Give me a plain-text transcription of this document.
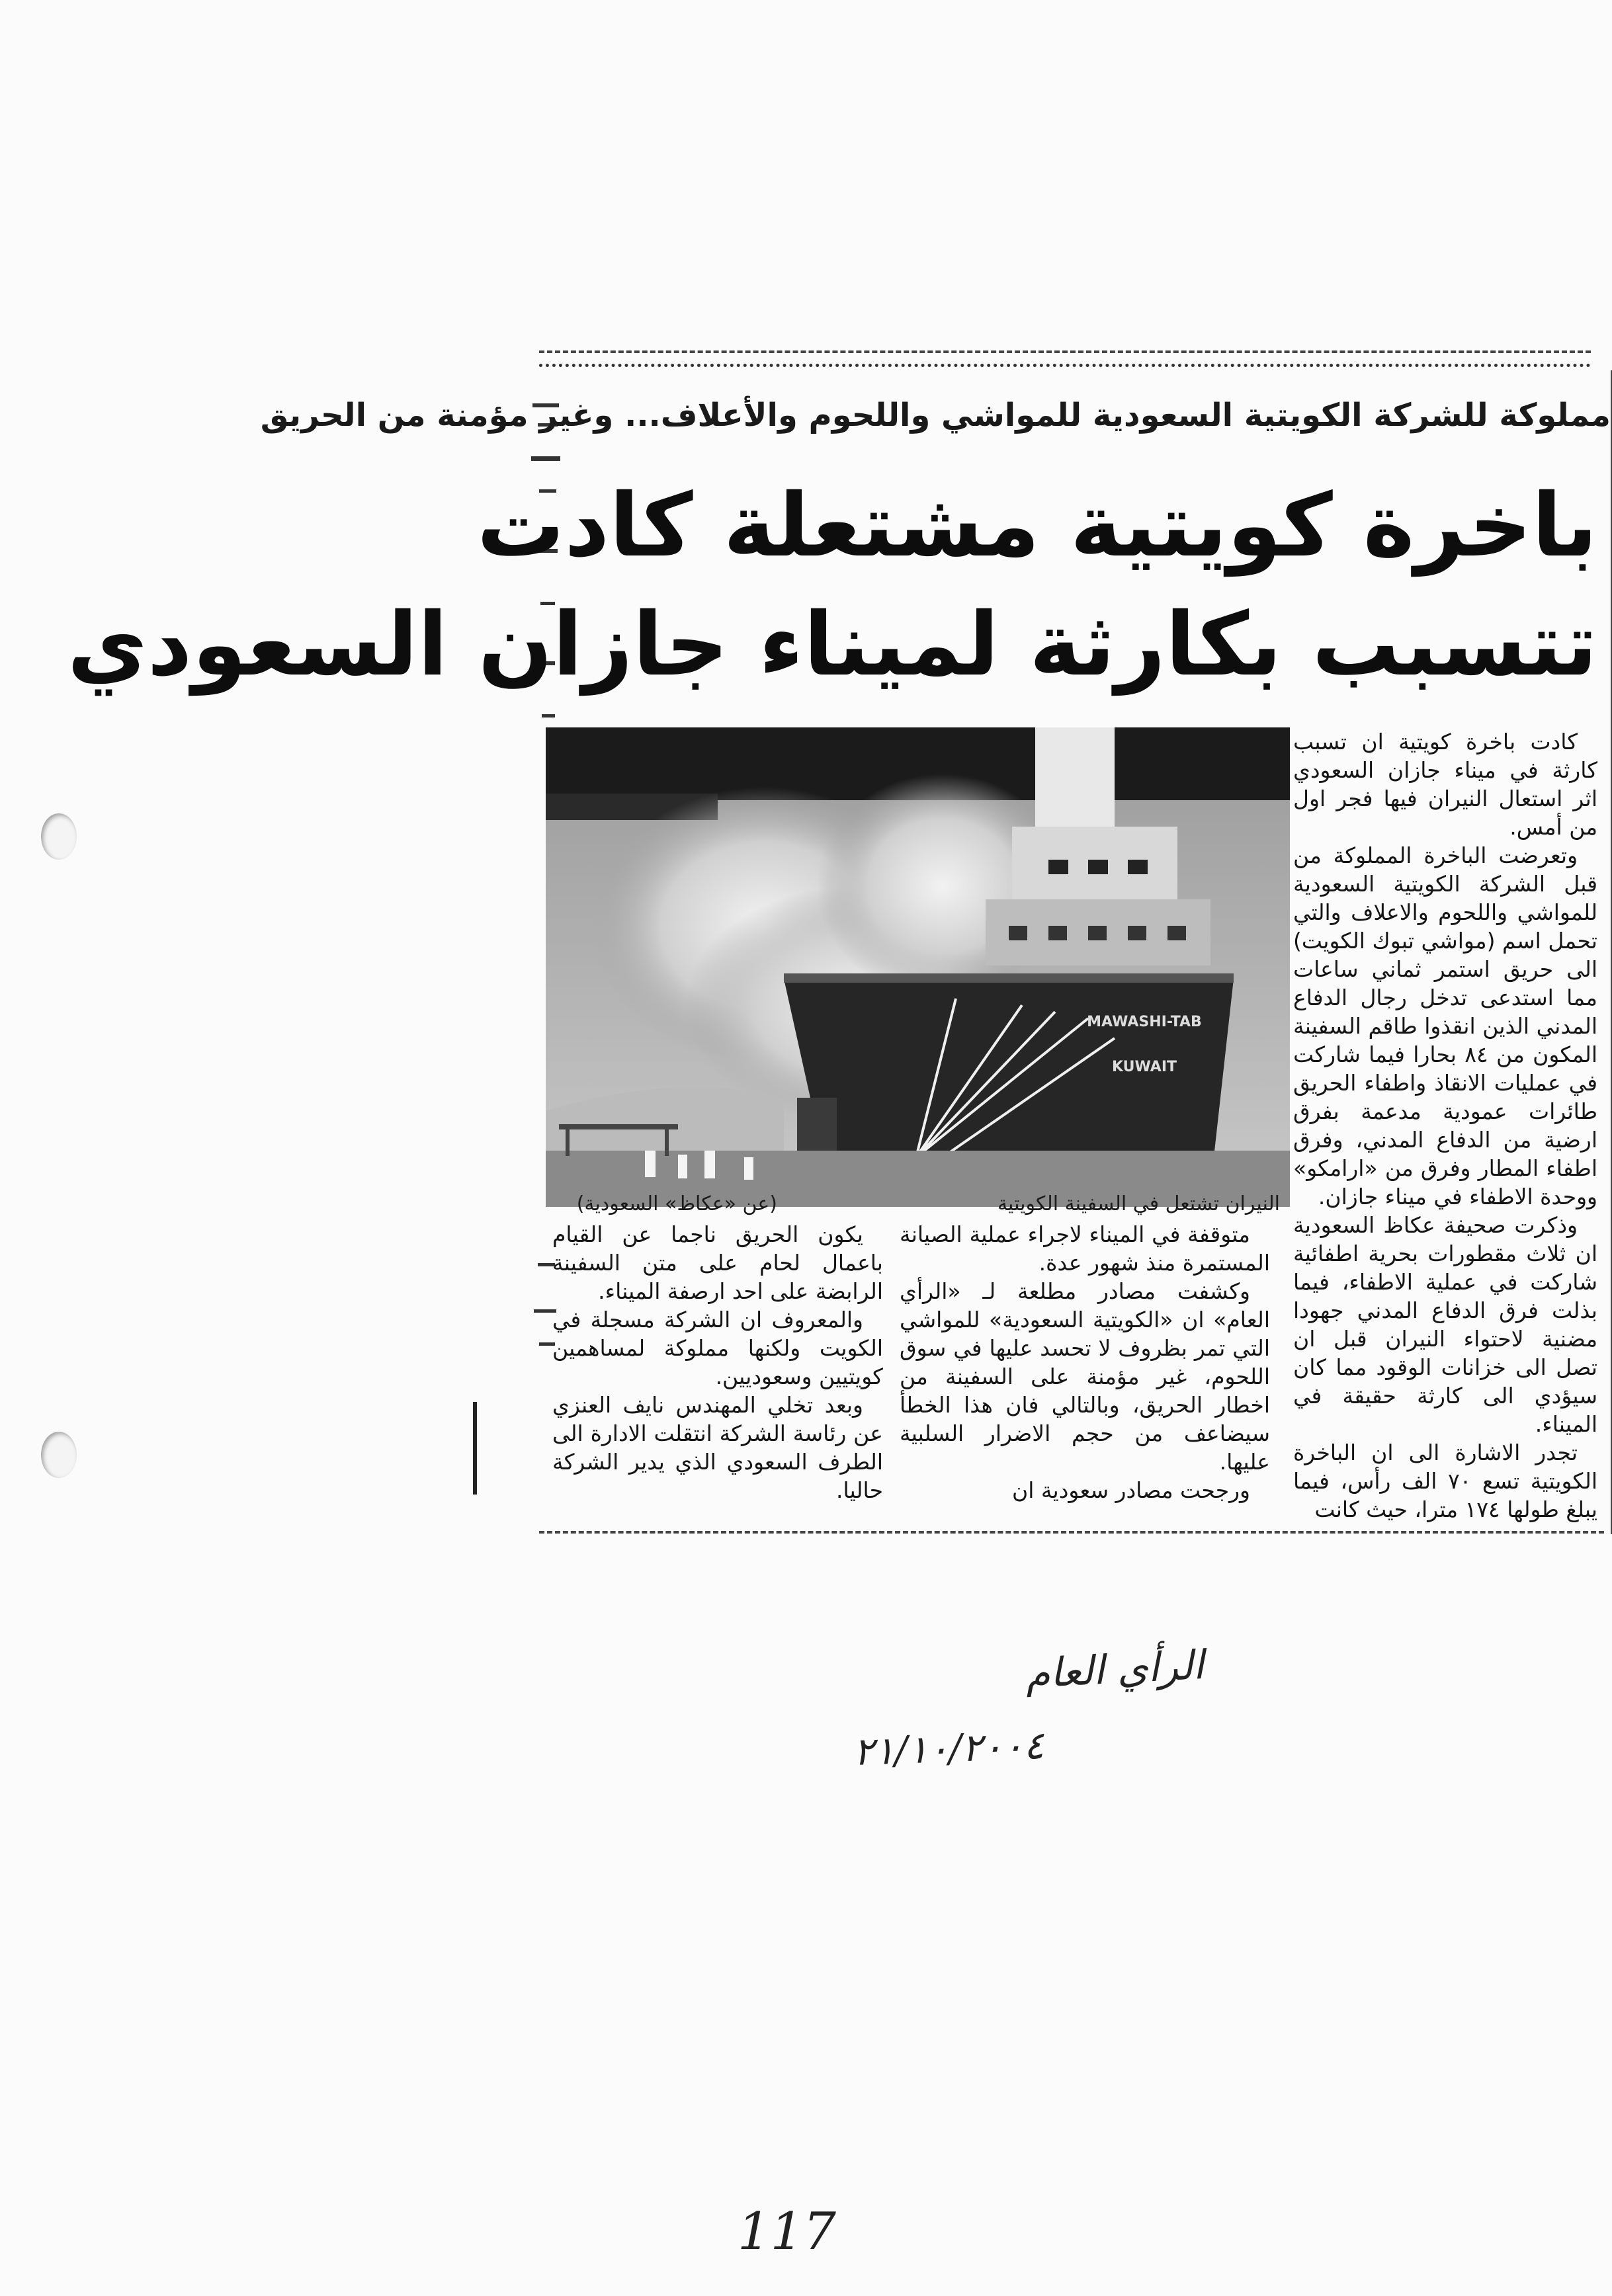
مملوكة للشركة الكويتية السعودية للمواشي واللحوم والأعلاف... وغير مؤمنة من الحريق
باخرة كويتية مشتعلة كادت
تتسبب بكارثة لميناء جازان السعودي
MAWASHI-TAB
KUWAIT
النيران تشتعل في السفينة الكويتية
(عن «عكاظ» السعودية)

كادت باخرة كويتية ان تسبب كارثة في ميناء جازان السعودي اثر استعال النيران فيها فجر اول من أمس.

وتعرضت الباخرة المملوكة من قبل الشركة الكويتية السعودية للمواشي واللحوم والاعلاف والتي تحمل اسم (مواشي تبوك الكويت) الى حريق استمر ثماني ساعات مما استدعى تدخل رجال الدفاع المدني الذين انقذوا طاقم السفينة المكون من ٨٤ بحارا فيما شاركت في عمليات الانقاذ واطفاء الحريق طائرات عمودية مدعمة بفرق ارضية من الدفاع المدني، وفرق اطفاء المطار وفرق من «ارامكو» ووحدة الاطفاء في ميناء جازان.

وذكرت صحيفة عكاظ السعودية ان ثلاث مقطورات بحرية اطفائية شاركت في عملية الاطفاء، فيما بذلت فرق الدفاع المدني جهودا مضنية لاحتواء النيران قبل ان تصل الى خزانات الوقود مما كان سيؤدي الى كارثة حقيقة في الميناء.

تجدر الاشارة الى ان الباخرة الكويتية تسع ٧٠ الف رأس، فيما يبلغ طولها ١٧٤ مترا، حيث كانت

متوقفة في الميناء لاجراء عملية الصيانة المستمرة منذ شهور عدة.

وكشفت مصادر مطلعة لـ «الرأي العام» ان «الكويتية السعودية» للمواشي التي تمر بظروف لا تحسد عليها في سوق اللحوم، غير مؤمنة على السفينة من اخطار الحريق، وبالتالي فان هذا الخطأ سيضاعف من حجم الاضرار السلبية عليها.

ورجحت مصادر سعودية ان

يكون الحريق ناجما عن القيام باعمال لحام على متن السفينة الرابضة على احد ارصفة الميناء.

والمعروف ان الشركة مسجلة في الكويت ولكنها مملوكة لمساهمين كويتيين وسعوديين.

وبعد تخلي المهندس نايف العنزي عن رئاسة الشركة انتقلت الادارة الى الطرف السعودي الذي يدير الشركة حاليا.

الرأي العام
٢١/١٠/٢٠٠٤
117
